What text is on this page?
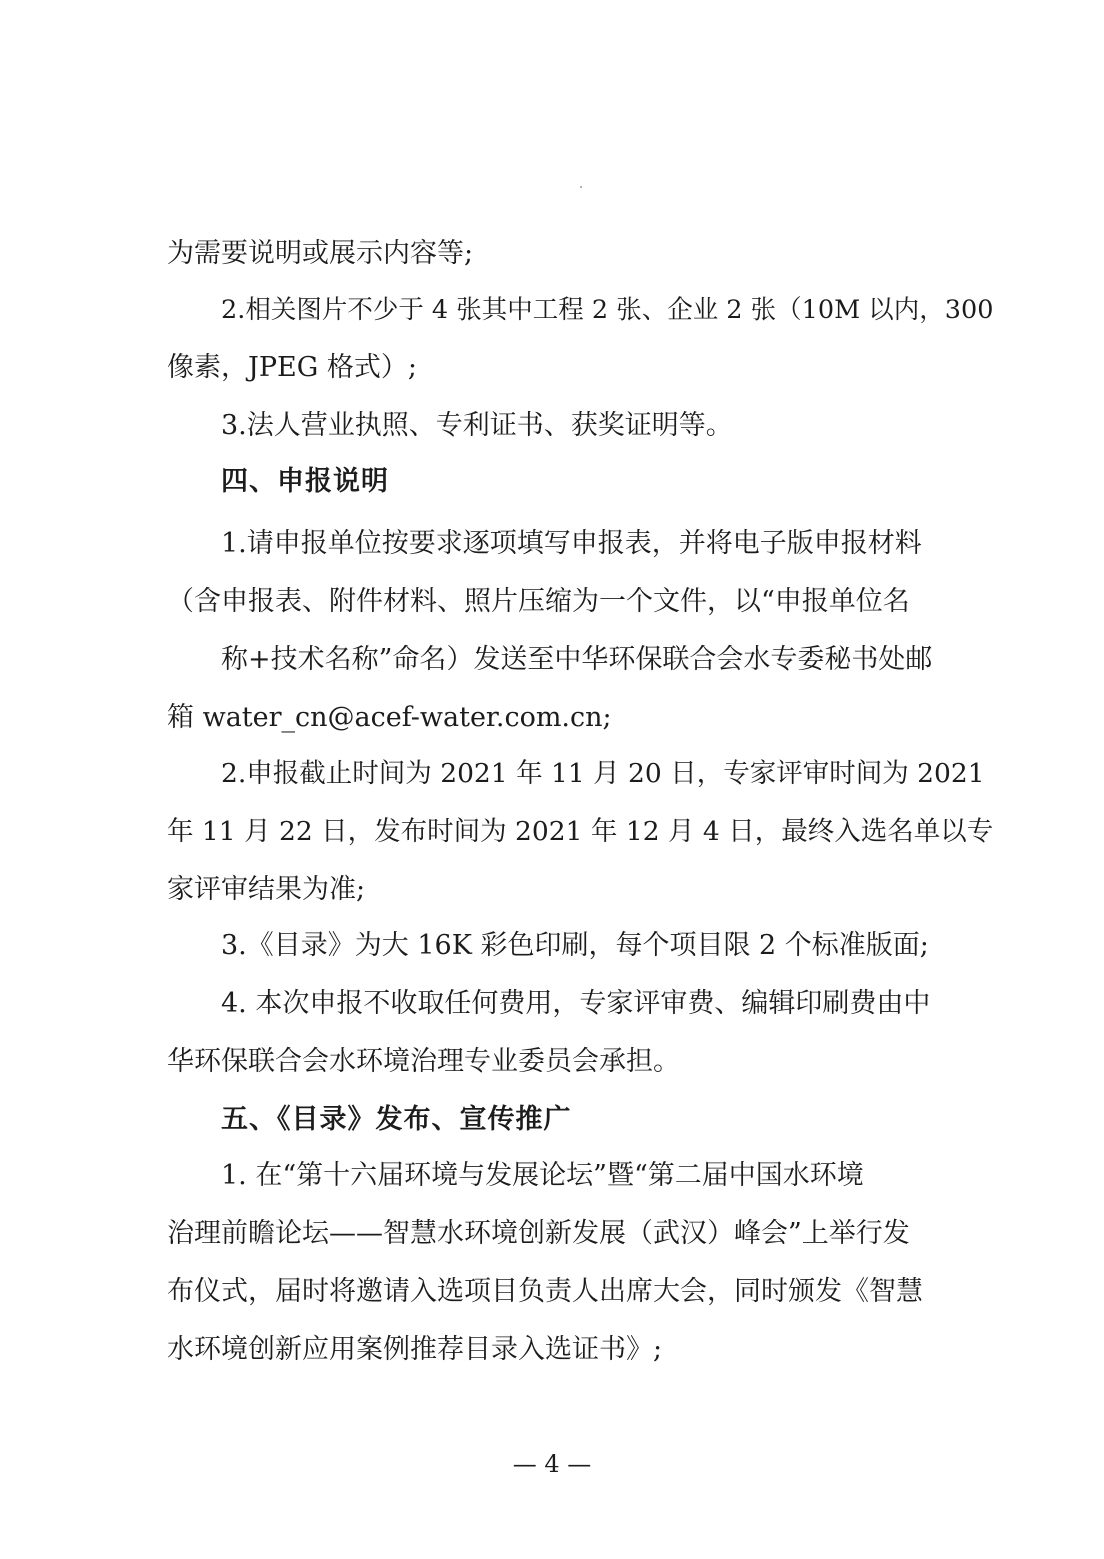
为需要说明或展示内容等;
2.相关图片不少于 4 张其中工程 2 张、企业 2 张（10M 以内，300
像素，JPEG 格式）;
3.法人营业执照、专利证书、获奖证明等。
四、申报说明
1.请申报单位按要求逐项填写申报表，并将电子版申报材料
（含申报表、附件材料、照片压缩为一个文件，以“申报单位名
称+技术名称”命名）发送至中华环保联合会水专委秘书处邮
箱 water_cn@acef-water.com.cn;
2.申报截止时间为 2021 年 11 月 20 日，专家评审时间为 2021
年 11 月 22 日，发布时间为 2021 年 12 月 4 日，最终入选名单以专
家评审结果为准;
3.《目录》为大 16K 彩色印刷，每个项目限 2 个标准版面;
4. 本次申报不收取任何费用，专家评审费、编辑印刷费由中
华环保联合会水环境治理专业委员会承担。
五、《目录》发布、宣传推广
1. 在“第十六届环境与发展论坛”暨“第二届中国水环境
治理前瞻论坛——智慧水环境创新发展（武汉）峰会”上举行发
布仪式，届时将邀请入选项目负责人出席大会，同时颁发《智慧
水环境创新应用案例推荐目录入选证书》;
— 4 —
